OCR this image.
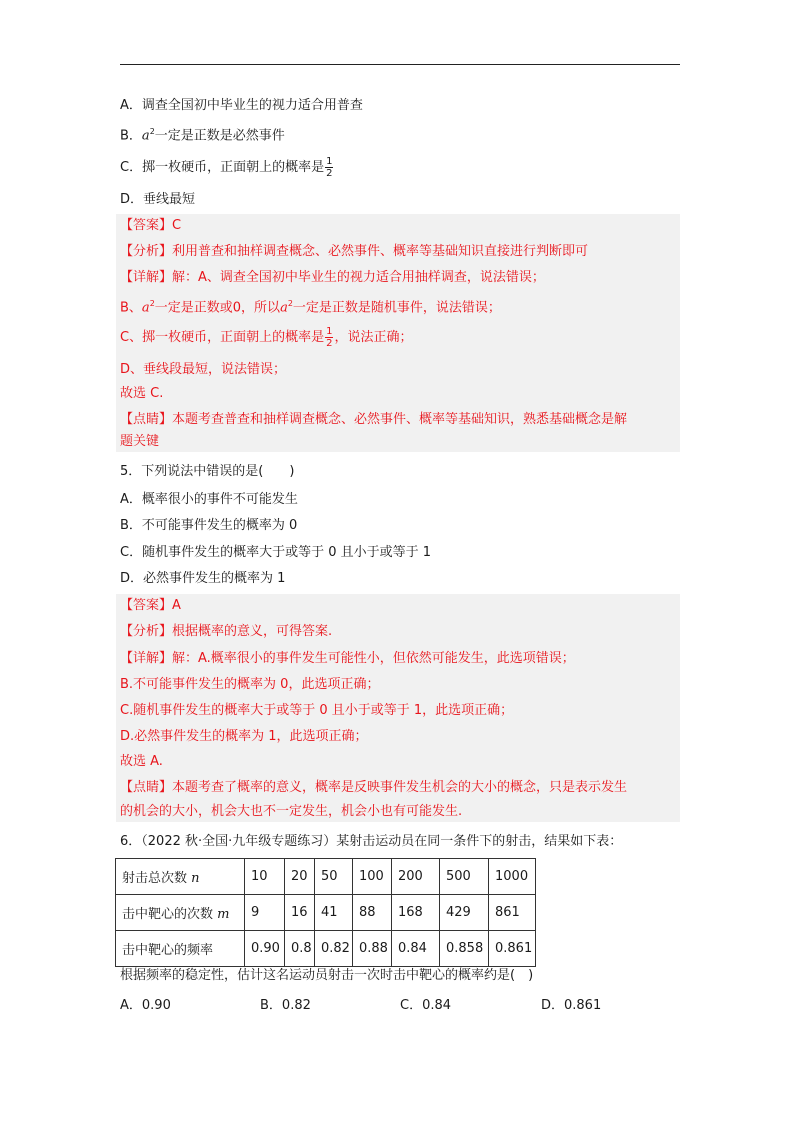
A．调查全国初中毕业生的视力适合用普查
B．$a^2$一定是正数是必然事件
C．掷一枚硬币，正面朝上的概率是 $\frac{1}{2}$
D．垂线最短
【答案】C
【分析】利用普查和抽样调查概念、必然事件、概率等基础知识直接进行判断即可
【详解】解：A、调查全国初中毕业生的视力适合用抽样调查，说法错误；
B、$a^2$一定是正数或0，所以$a^2$一定是正数是随机事件，说法错误；
C、掷一枚硬币，正面朝上的概率是 $\frac{1}{2}$ ，说法正确；
D、垂线段最短，说法错误；
故选 C.
【点睛】本题考查普查和抽样调查概念、必然事件、概率等基础知识，熟悉基础概念是解
题关键
5．下列说法中错误的是(　　)
A．概率很小的事件不可能发生
B．不可能事件发生的概率为 0
C．随机事件发生的概率大于或等于 0 且小于或等于 1
D．必然事件发生的概率为 1
【答案】A
【分析】根据概率的意义，可得答案.
【详解】解：A.概率很小的事件发生可能性小，但依然可能发生，此选项错误；
B.不可能事件发生的概率为 0，此选项正确；
C.随机事件发生的概率大于或等于 0 且小于或等于 1，此选项正确；
D.必然事件发生的概率为 1，此选项正确；
故选 A.
【点睛】本题考查了概率的意义，概率是反映事件发生机会的大小的概念，只是表示发生
的机会的大小，机会大也不一定发生，机会小也有可能发生.
6．（2022 秋·全国·九年级专题练习）某射击运动员在同一条件下的射击，结果如下表：
射击总次数 n	10	20	50	100	200	500	1000
击中靶心的次数 m	9	16	41	88	168	429	861
击中靶心的频率	0.90	0.8	0.82	0.88	0.84	0.858	0.861
根据频率的稳定性，估计这名运动员射击一次时击中靶心的概率约是(　)
A．0.90	B．0.82	C．0.84	D．0.861
